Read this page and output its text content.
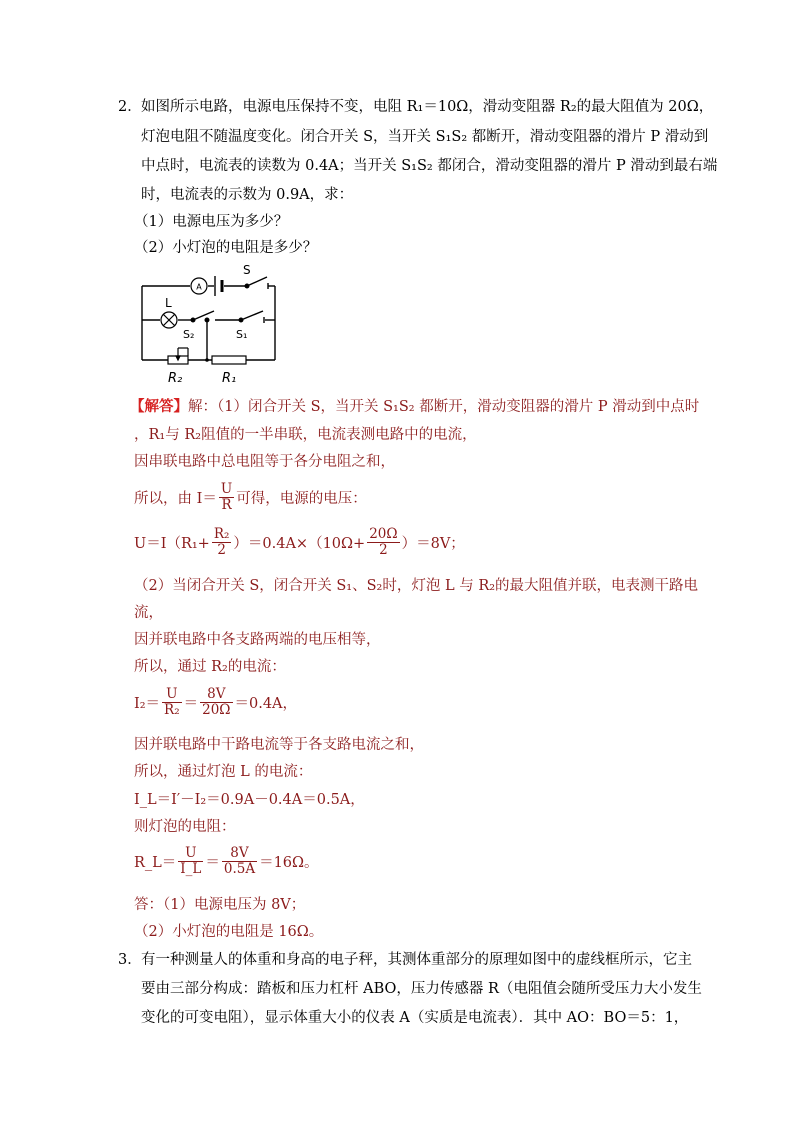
2． 如图所示电路，电源电压保持不变，电阻 R₁＝10Ω，滑动变阻器 R₂的最大阻值为 20Ω，
灯泡电阻不随温度变化。闭合开关 S，当开关 S₁S₂ 都断开，滑动变阻器的滑片 P 滑动到
中点时，电流表的读数为 0.4A；当开关 S₁S₂ 都闭合，滑动变阻器的滑片 P 滑动到最右端
时，电流表的示数为 0.9A，求：
（1）电源电压为多少？
（2）小灯泡的电阻是多少？
A
S
L
S₂	S₁
R₂	R₁
【解答】解：（1）闭合开关 S，当开关 S₁S₂ 都断开，滑动变阻器的滑片 P 滑动到中点时
，R₁与 R₂阻值的一半串联，电流表测电路中的电流，
因串联电路中总电阻等于各分电阻之和，
所以，由 $I= \frac{U}{R}$ 可得，电源的电压：
$U=I(R_1+ \frac{\text{R₂}}{2} )=0.4A\times(10\Omega+ \frac{20\Omega}{2} )=8V$；
（2）当闭合开关 S，闭合开关 S₁、S₂时，灯泡 L 与 R₂的最大阻值并联，电表测干路电
流，
因并联电路中各支路两端的电压相等，
所以，通过 R₂的电流：
$I_2= \frac{U}{\text{R₂}} = \frac{8V}{20\Omega} =0.4A$，
因并联电路中干路电流等于各支路电流之和，
所以，通过灯泡 L 的电流：
I_L＝I′－I₂＝0.9A－0.4A＝0.5A，
则灯泡的电阻：
R_L＝ $\frac{U}{I\_L} = \frac{8V}{0.5A} =16\Omega$。
答：（1）电源电压为 8V；
（2）小灯泡的电阻是 16Ω。
3． 有一种测量人的体重和身高的电子秤，其测体重部分的原理如图中的虚线框所示，它主
要由三部分构成：踏板和压力杠杆 ABO，压力传感器 R（电阻值会随所受压力大小发生
变化的可变电阻），显示体重大小的仪表 A（实质是电流表）．其中 AO：BO＝5：1，
